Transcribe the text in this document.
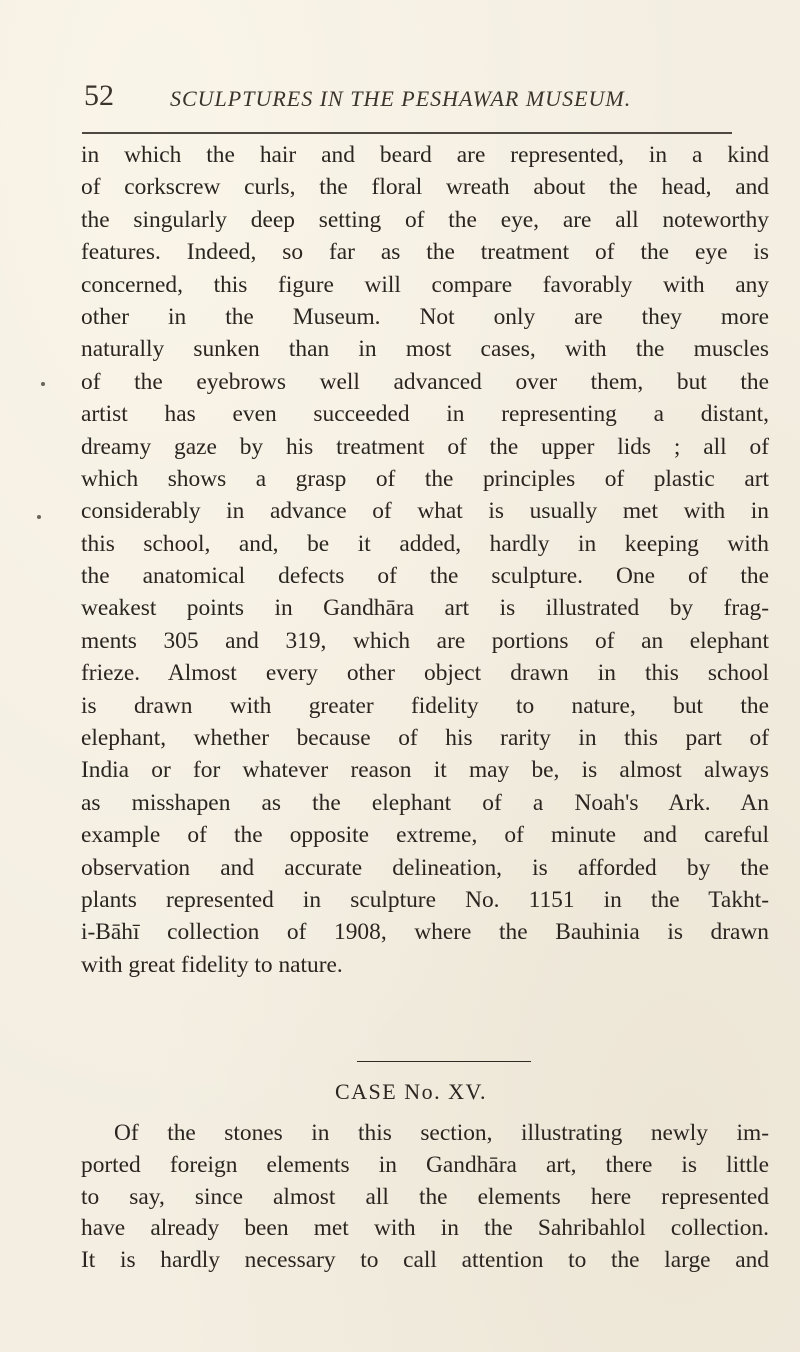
52	SCULPTURES IN THE PESHAWAR MUSEUM.
in which the hair and beard are represented, in a kind
of corkscrew curls, the floral wreath about the head, and
the singularly deep setting of the eye, are all noteworthy
features. Indeed, so far as the treatment of the eye is
concerned, this figure will compare favorably with any
other in the Museum. Not only are they more
naturally sunken than in most cases, with the muscles
of the eyebrows well advanced over them, but the
artist has even succeeded in representing a distant,
dreamy gaze by his treatment of the upper lids ; all of
which shows a grasp of the principles of plastic art
considerably in advance of what is usually met with in
this school, and, be it added, hardly in keeping with
the anatomical defects of the sculpture. One of the
weakest points in Gandhāra art is illustrated by frag-
ments 305 and 319, which are portions of an elephant
frieze. Almost every other object drawn in this school
is drawn with greater fidelity to nature, but the
elephant, whether because of his rarity in this part of
India or for whatever reason it may be, is almost always
as misshapen as the elephant of a Noah's Ark. An
example of the opposite extreme, of minute and careful
observation and accurate delineation, is afforded by the
plants represented in sculpture No. 1151 in the Takht-
i-Bāhī collection of 1908, where the Bauhinia is drawn
with great fidelity to nature.
CASE No. XV.
Of the stones in this section, illustrating newly im-
ported foreign elements in Gandhāra art, there is little
to say, since almost all the elements here represented
have already been met with in the Sahribahlol collection.
It is hardly necessary to call attention to the large and
